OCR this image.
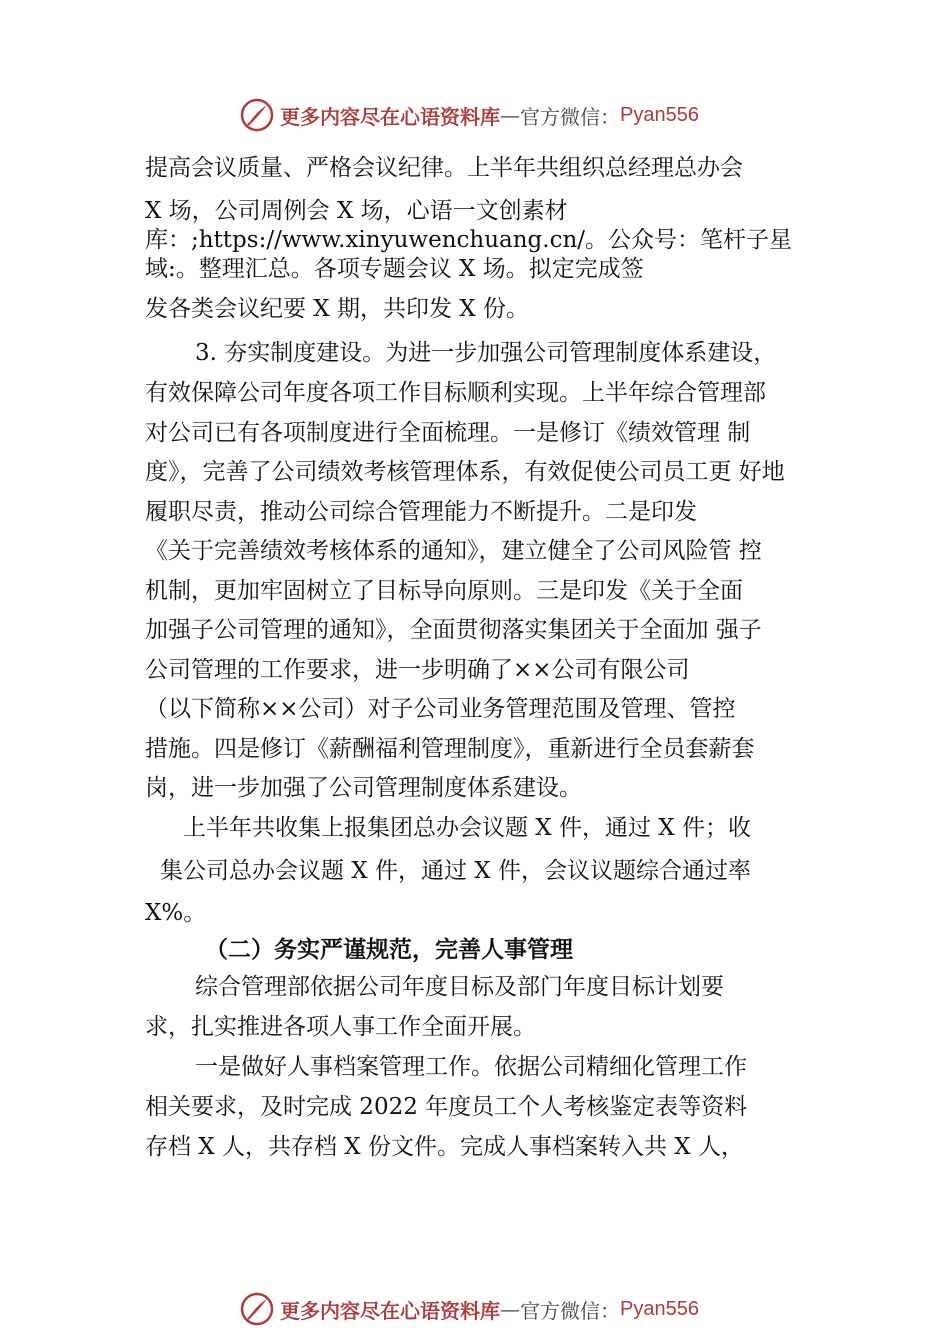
更多内容尽在心语资料库 — 官方微信： Pyan556
提高会议质量、严格会议纪律。上半年共组织总经理总办会
X 场，公司周例会 X 场，心语一文创素材
库：;https://www.xinyuwenchuang.cn/。公众号：笔杆子星
域:。整理汇总。各项专题会议 X 场。拟定完成签
发各类会议纪要 X 期，共印发 X 份。
3. 夯实制度建设。为进一步加强公司管理制度体系建设，
有效保障公司年度各项工作目标顺利实现。上半年综合管理部
对公司已有各项制度进行全面梳理。一是修订《绩效管理 制
度》，完善了公司绩效考核管理体系，有效促使公司员工更 好地
履职尽责，推动公司综合管理能力不断提升。二是印发
《关于完善绩效考核体系的通知》，建立健全了公司风险管 控
机制，更加牢固树立了目标导向原则。三是印发《关于全面
加强子公司管理的通知》，全面贯彻落实集团关于全面加 强子
公司管理的工作要求，进一步明确了××公司有限公司
（以下简称××公司）对子公司业务管理范围及管理、管控
措施。四是修订《薪酬福利管理制度》，重新进行全员套薪套
岗，进一步加强了公司管理制度体系建设。
上半年共收集上报集团总办会议题 X 件，通过 X 件；收
集公司总办会议题 X 件，通过 X 件，会议议题综合通过率
X%。
（二）务实严谨规范，完善人事管理
综合管理部依据公司年度目标及部门年度目标计划要
求，扎实推进各项人事工作全面开展。
一是做好人事档案管理工作。依据公司精细化管理工作
相关要求，及时完成 2022 年度员工个人考核鉴定表等资料
存档 X 人，共存档 X 份文件。完成人事档案转入共 X 人，
更多内容尽在心语资料库 — 官方微信： Pyan556
